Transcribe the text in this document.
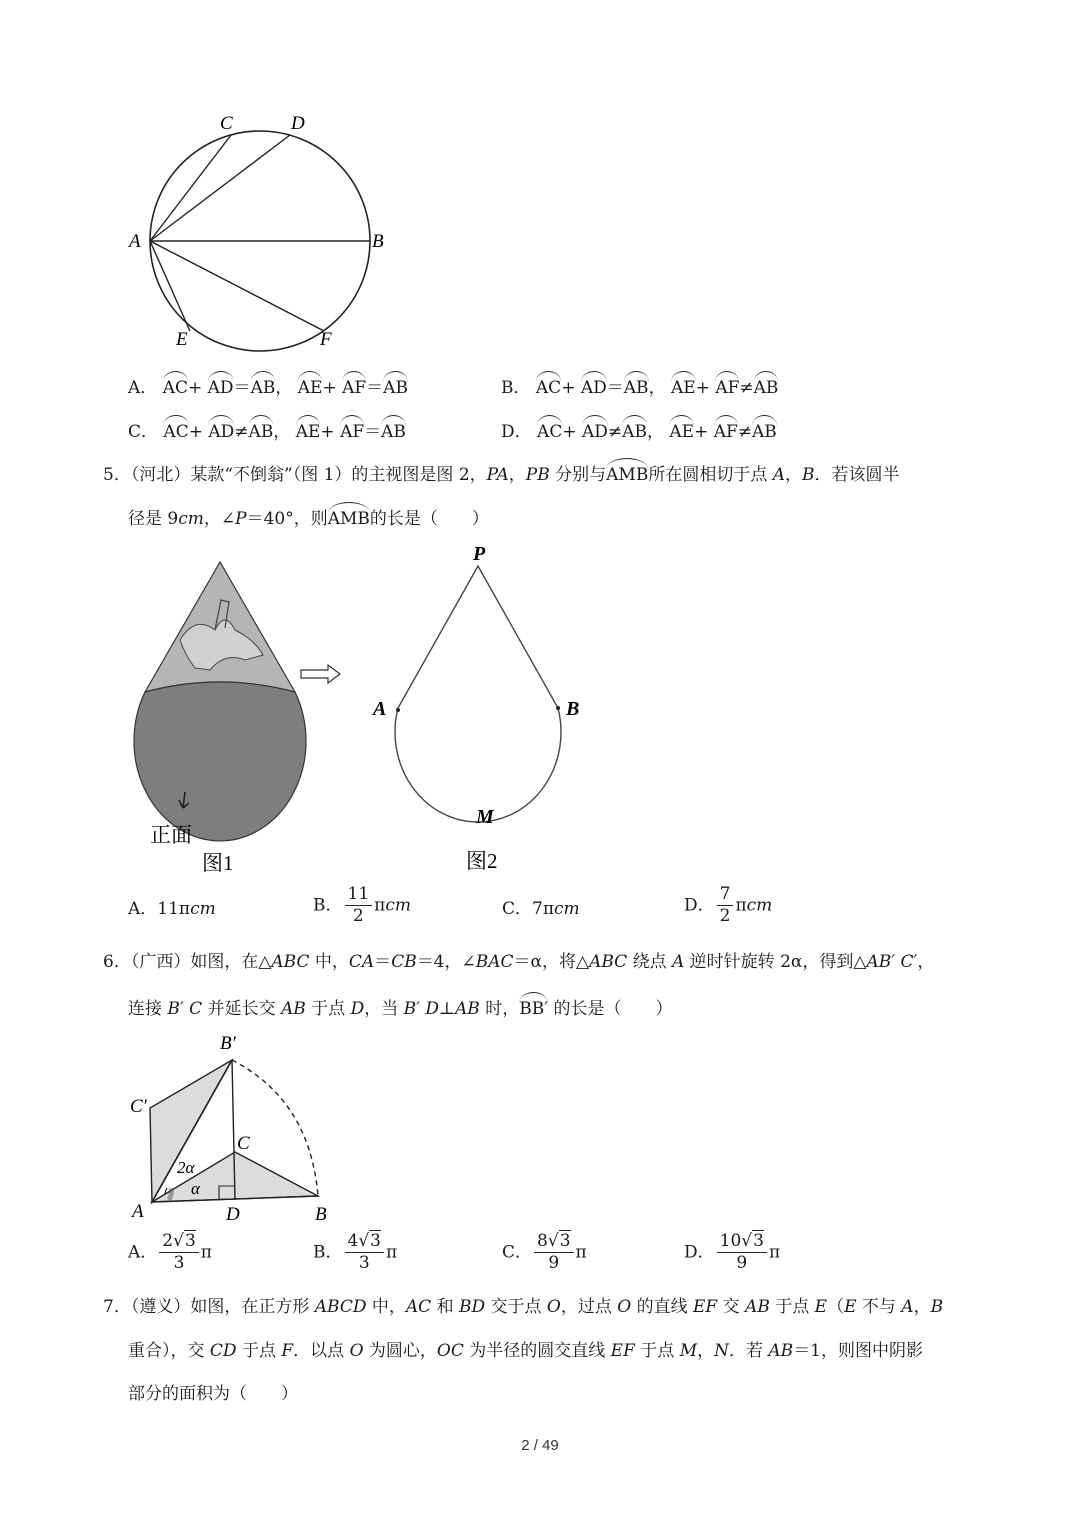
C	D
A	B
E	F
A． AC+ AD＝AB， AE+ AF＝AB	B． AC+ AD＝AB， AE+ AF≠AB
C． AC+ AD≠AB， AE+ AF＝AB	D． AC+ AD≠AB， AE+ AF≠AB
5．（河北）某款“不倒翁”（图 1）的主视图是图 2，PA，PB 分别与AMB所在圆相切于点 A，B．若该圆半
径是 9cm，∠P＝40°，则AMB的长是（　　）
正面
图1
P
A	B
M
图2
A．11πcm	B． $\frac{11}{2}$ πcm	C．7πcm	D． $\frac{7}{2}$ πcm
6．（广西）如图，在△ABC 中，CA＝CB＝4，∠BAC＝α，将△ABC 绕点 A 逆时针旋转 2α，得到△AB′ C′，
连接 B′ C 并延长交 AB 于点 D，当 B′ D⊥AB 时，BB′ 的长是（　　）
B′
C′
C
2α
α
A	D	B
A． $\frac{2√3}{3}$ π	B． $\frac{4√3}{3}$ π	C． $\frac{8√3}{9}$ π	D． $\frac{10√3}{9}$ π
7．（遵义）如图，在正方形 ABCD 中，AC 和 BD 交于点 O，过点 O 的直线 EF 交 AB 于点 E（E 不与 A，B
重合），交 CD 于点 F．以点 O 为圆心，OC 为半径的圆交直线 EF 于点 M，N．若 AB＝1，则图中阴影
部分的面积为（　　）
2 / 49
